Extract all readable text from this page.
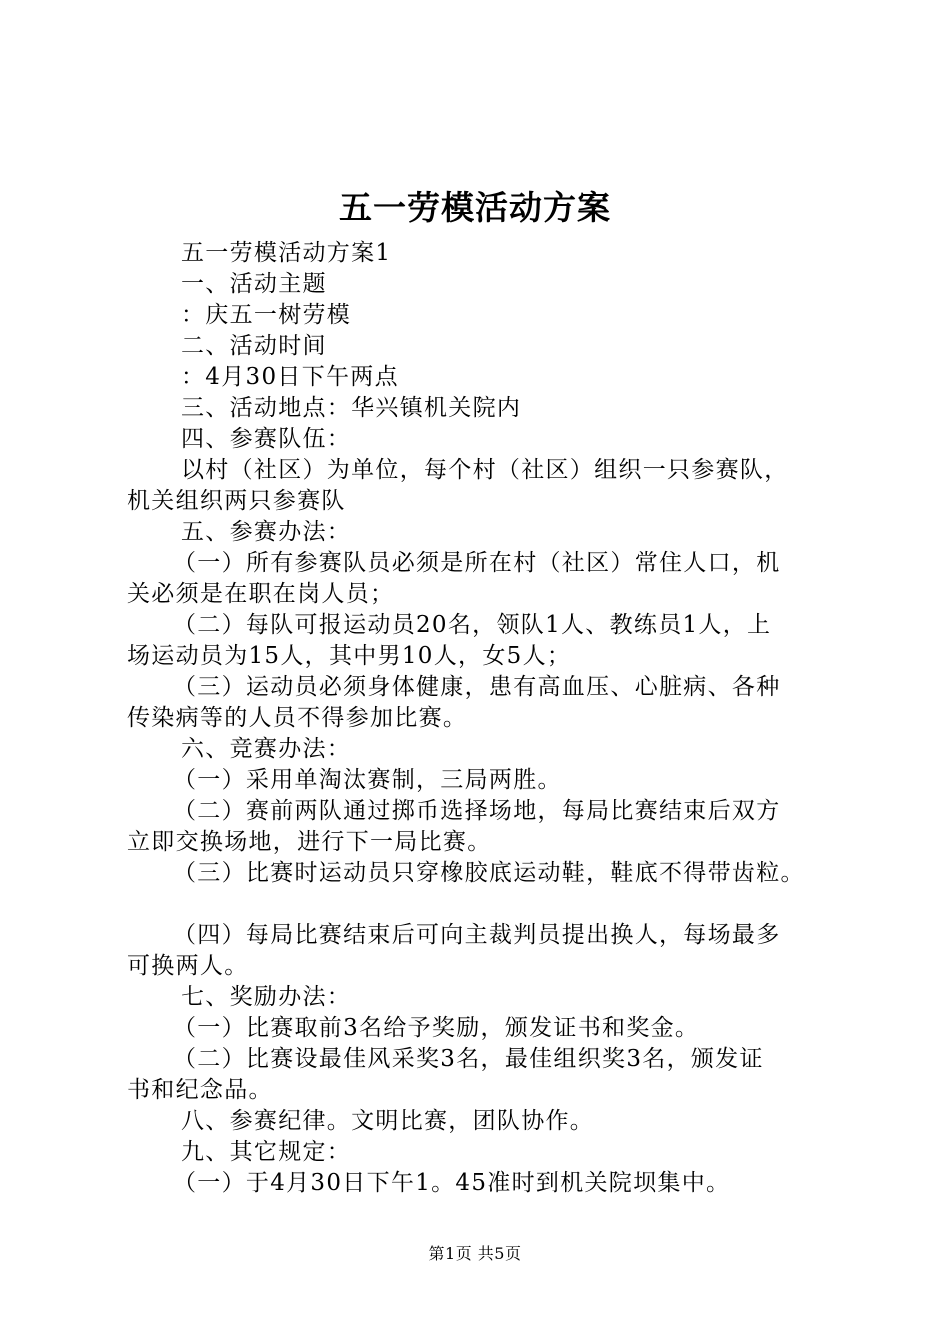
五一劳模活动方案
五一劳模活动方案1
一、活动主题
：庆五一树劳模
二、活动时间
：4月30日下午两点
三、活动地点：华兴镇机关院内
四、参赛队伍：
以村（社区）为单位，每个村（社区）组织一只参赛队，
机关组织两只参赛队
五、参赛办法：
（一）所有参赛队员必须是所在村（社区）常住人口，机
关必须是在职在岗人员；
（二）每队可报运动员20名，领队1人、教练员1人，上
场运动员为15人，其中男10人，女5人；
（三）运动员必须身体健康，患有高血压、心脏病、各种
传染病等的人员不得参加比赛。
六、竞赛办法：
（一）采用单淘汰赛制，三局两胜。
（二）赛前两队通过掷币选择场地，每局比赛结束后双方
立即交换场地，进行下一局比赛。
（三）比赛时运动员只穿橡胶底运动鞋，鞋底不得带齿粒。
（四）每局比赛结束后可向主裁判员提出换人，每场最多
可换两人。
七、奖励办法：
（一）比赛取前3名给予奖励，颁发证书和奖金。
（二）比赛设最佳风采奖3名，最佳组织奖3名，颁发证
书和纪念品。
八、参赛纪律。文明比赛，团队协作。
九、其它规定：
（一）于4月30日下午1。45准时到机关院坝集中。
第1页 共5页
